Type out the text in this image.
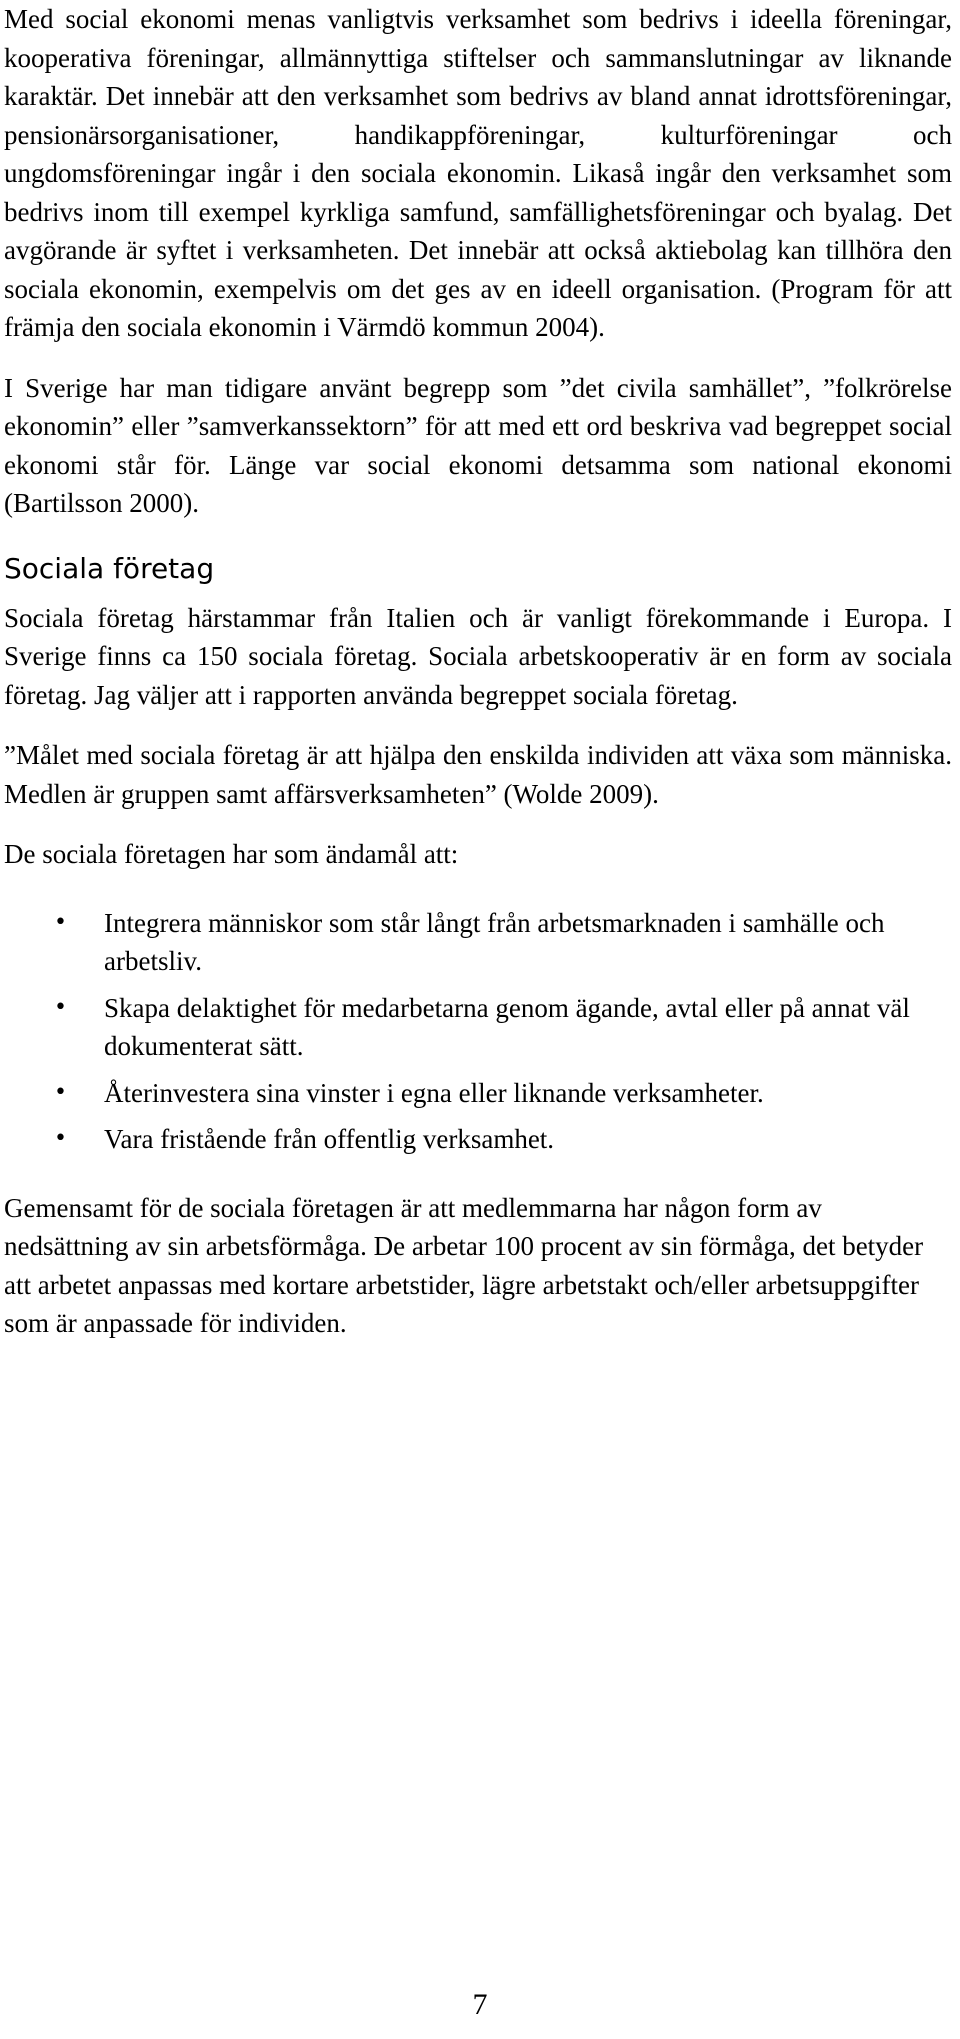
Med social ekonomi menas vanligtvis verksamhet som bedrivs i ideella föreningar, kooperativa föreningar, allmännyttiga stiftelser och sammanslutningar av liknande karaktär. Det innebär att den verksamhet som bedrivs av bland annat idrottsföreningar, pensionärsorganisationer, handikappföreningar, kulturföreningar och ungdomsföreningar ingår i den sociala ekonomin. Likaså ingår den verksamhet som bedrivs inom till exempel kyrkliga samfund, samfällighetsföreningar och byalag. Det avgörande är syftet i verksamheten. Det innebär att också aktiebolag kan tillhöra den sociala ekonomin, exempelvis om det ges av en ideell organisation. (Program för att främja den sociala ekonomin i Värmdö kommun 2004).

I Sverige har man tidigare använt begrepp som ”det civila samhället”, ”folkrörelse ekonomin” eller ”samverkanssektorn” för att med ett ord beskriva vad begreppet social ekonomi står för. Länge var social ekonomi detsamma som national ekonomi (Bartilsson 2000).

Sociala företag

Sociala företag härstammar från Italien och är vanligt förekommande i Europa. I Sverige finns ca 150 sociala företag. Sociala arbetskooperativ är en form av sociala företag. Jag väljer att i rapporten använda begreppet sociala företag.

”Målet med sociala företag är att hjälpa den enskilda individen att växa som människa. Medlen är gruppen samt affärsverksamheten” (Wolde 2009).

De sociala företagen har som ändamål att:

• Integrera människor som står långt från arbetsmarknaden i samhälle och arbetsliv.
• Skapa delaktighet för medarbetarna genom ägande, avtal eller på annat väl dokumenterat sätt.
• Återinvestera sina vinster i egna eller liknande verksamheter.
• Vara fristående från offentlig verksamhet.

Gemensamt för de sociala företagen är att medlemmarna har någon form av nedsättning av sin arbetsförmåga. De arbetar 100 procent av sin förmåga, det betyder att arbetet anpassas med kortare arbetstider, lägre arbetstakt och/eller arbetsuppgifter som är anpassade för individen.

7
